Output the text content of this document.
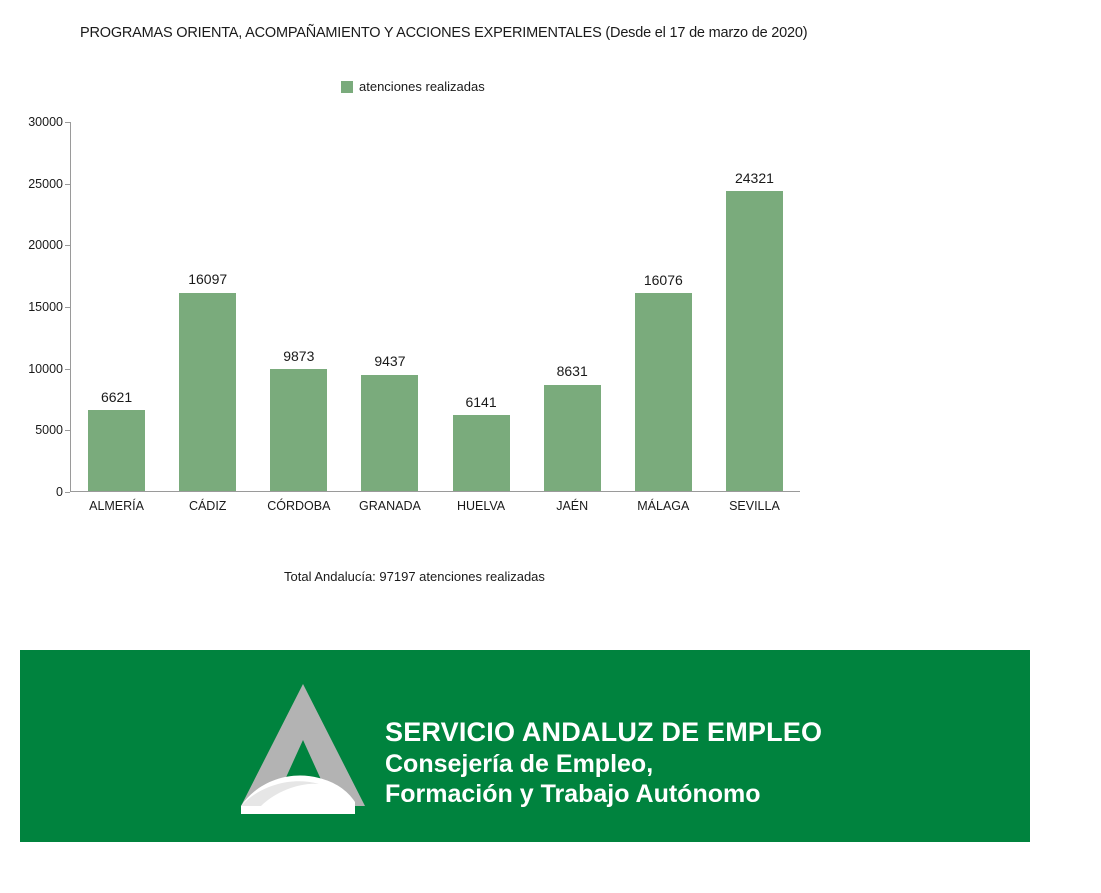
PROGRAMAS ORIENTA, ACOMPAÑAMIENTO Y ACCIONES EXPERIMENTALES (Desde el 17 de marzo de 2020)
atenciones realizadas
0
5000
10000
15000
20000
25000
30000
6621
16097
9873	9437
6141
8631
16076
24321
ALMERÍA	CÁDIZ	CÓRDOBA	GRANADA	HUELVA	JAÉN	MÁLAGA	SEVILLA
Total Andalucía: 97197 atenciones realizadas
SERVICIO ANDALUZ DE EMPLEO
Consejería de Empleo,
Formación y Trabajo Autónomo
